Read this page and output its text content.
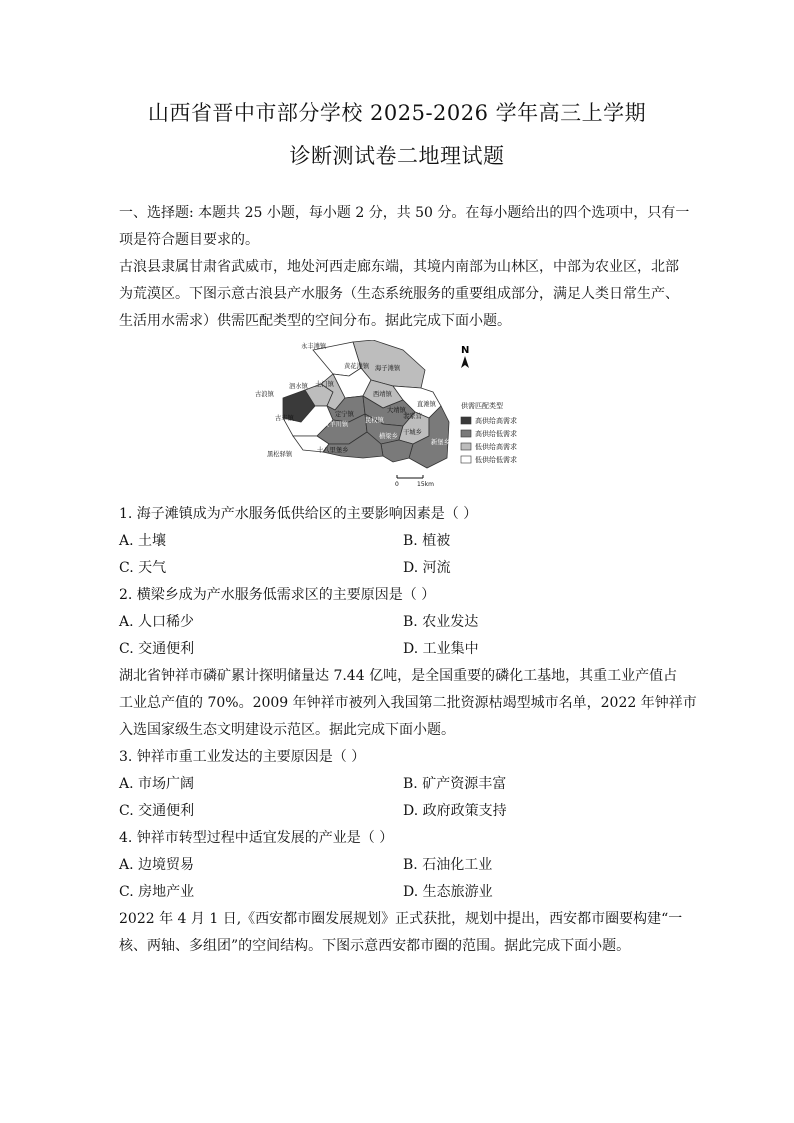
山西省晋中市部分学校 2025-2026 学年高三上学期
诊断测试卷二地理试题
一、选择题: 本题共 25 小题，每小题 2 分，共 50 分。在每小题给出的四个选项中，只有一
项是符合题目要求的。
古浪县隶属甘肃省武威市，地处河西走廊东端，其境内南部为山林区，中部为农业区，北部
为荒漠区。下图示意古浪县产水服务（生态系统服务的重要组成部分，满足人类日常生产、
生活用水需求）供需匹配类型的空间分布。据此完成下面小题。
N
永丰滩镇
海子滩镇
黄花滩镇
西靖镇
直滩镇
古浪镇
泗水镇 土门镇
定宁镇
大靖镇
古丰镇
黄羊川镇
民权镇
裴家营
干城乡
新堡乡
横梁乡
黑松驿镇
十八里堡乡
供需匹配类型
高供给高需求
高供给低需求
低供给高需求
低供给低需求
0	15km
1. 海子滩镇成为产水服务低供给区的主要影响因素是（ ）
A. 土壤	B. 植被
C. 天气	D. 河流
2. 横梁乡成为产水服务低需求区的主要原因是（ ）
A. 人口稀少	B. 农业发达
C. 交通便利	D. 工业集中
湖北省钟祥市磷矿累计探明储量达 7.44 亿吨，是全国重要的磷化工基地，其重工业产值占
工业总产值的 70%。2009 年钟祥市被列入我国第二批资源枯竭型城市名单，2022 年钟祥市
入选国家级生态文明建设示范区。据此完成下面小题。
3. 钟祥市重工业发达的主要原因是（ ）
A. 市场广阔	B. 矿产资源丰富
C. 交通便利	D. 政府政策支持
4. 钟祥市转型过程中适宜发展的产业是（ ）
A. 边境贸易	B. 石油化工业
C. 房地产业	D. 生态旅游业
2022 年 4 月 1 日,《西安都市圈发展规划》正式获批，规划中提出，西安都市圈要构建“一
核、两轴、多组团”的空间结构。下图示意西安都市圈的范围。据此完成下面小题。
